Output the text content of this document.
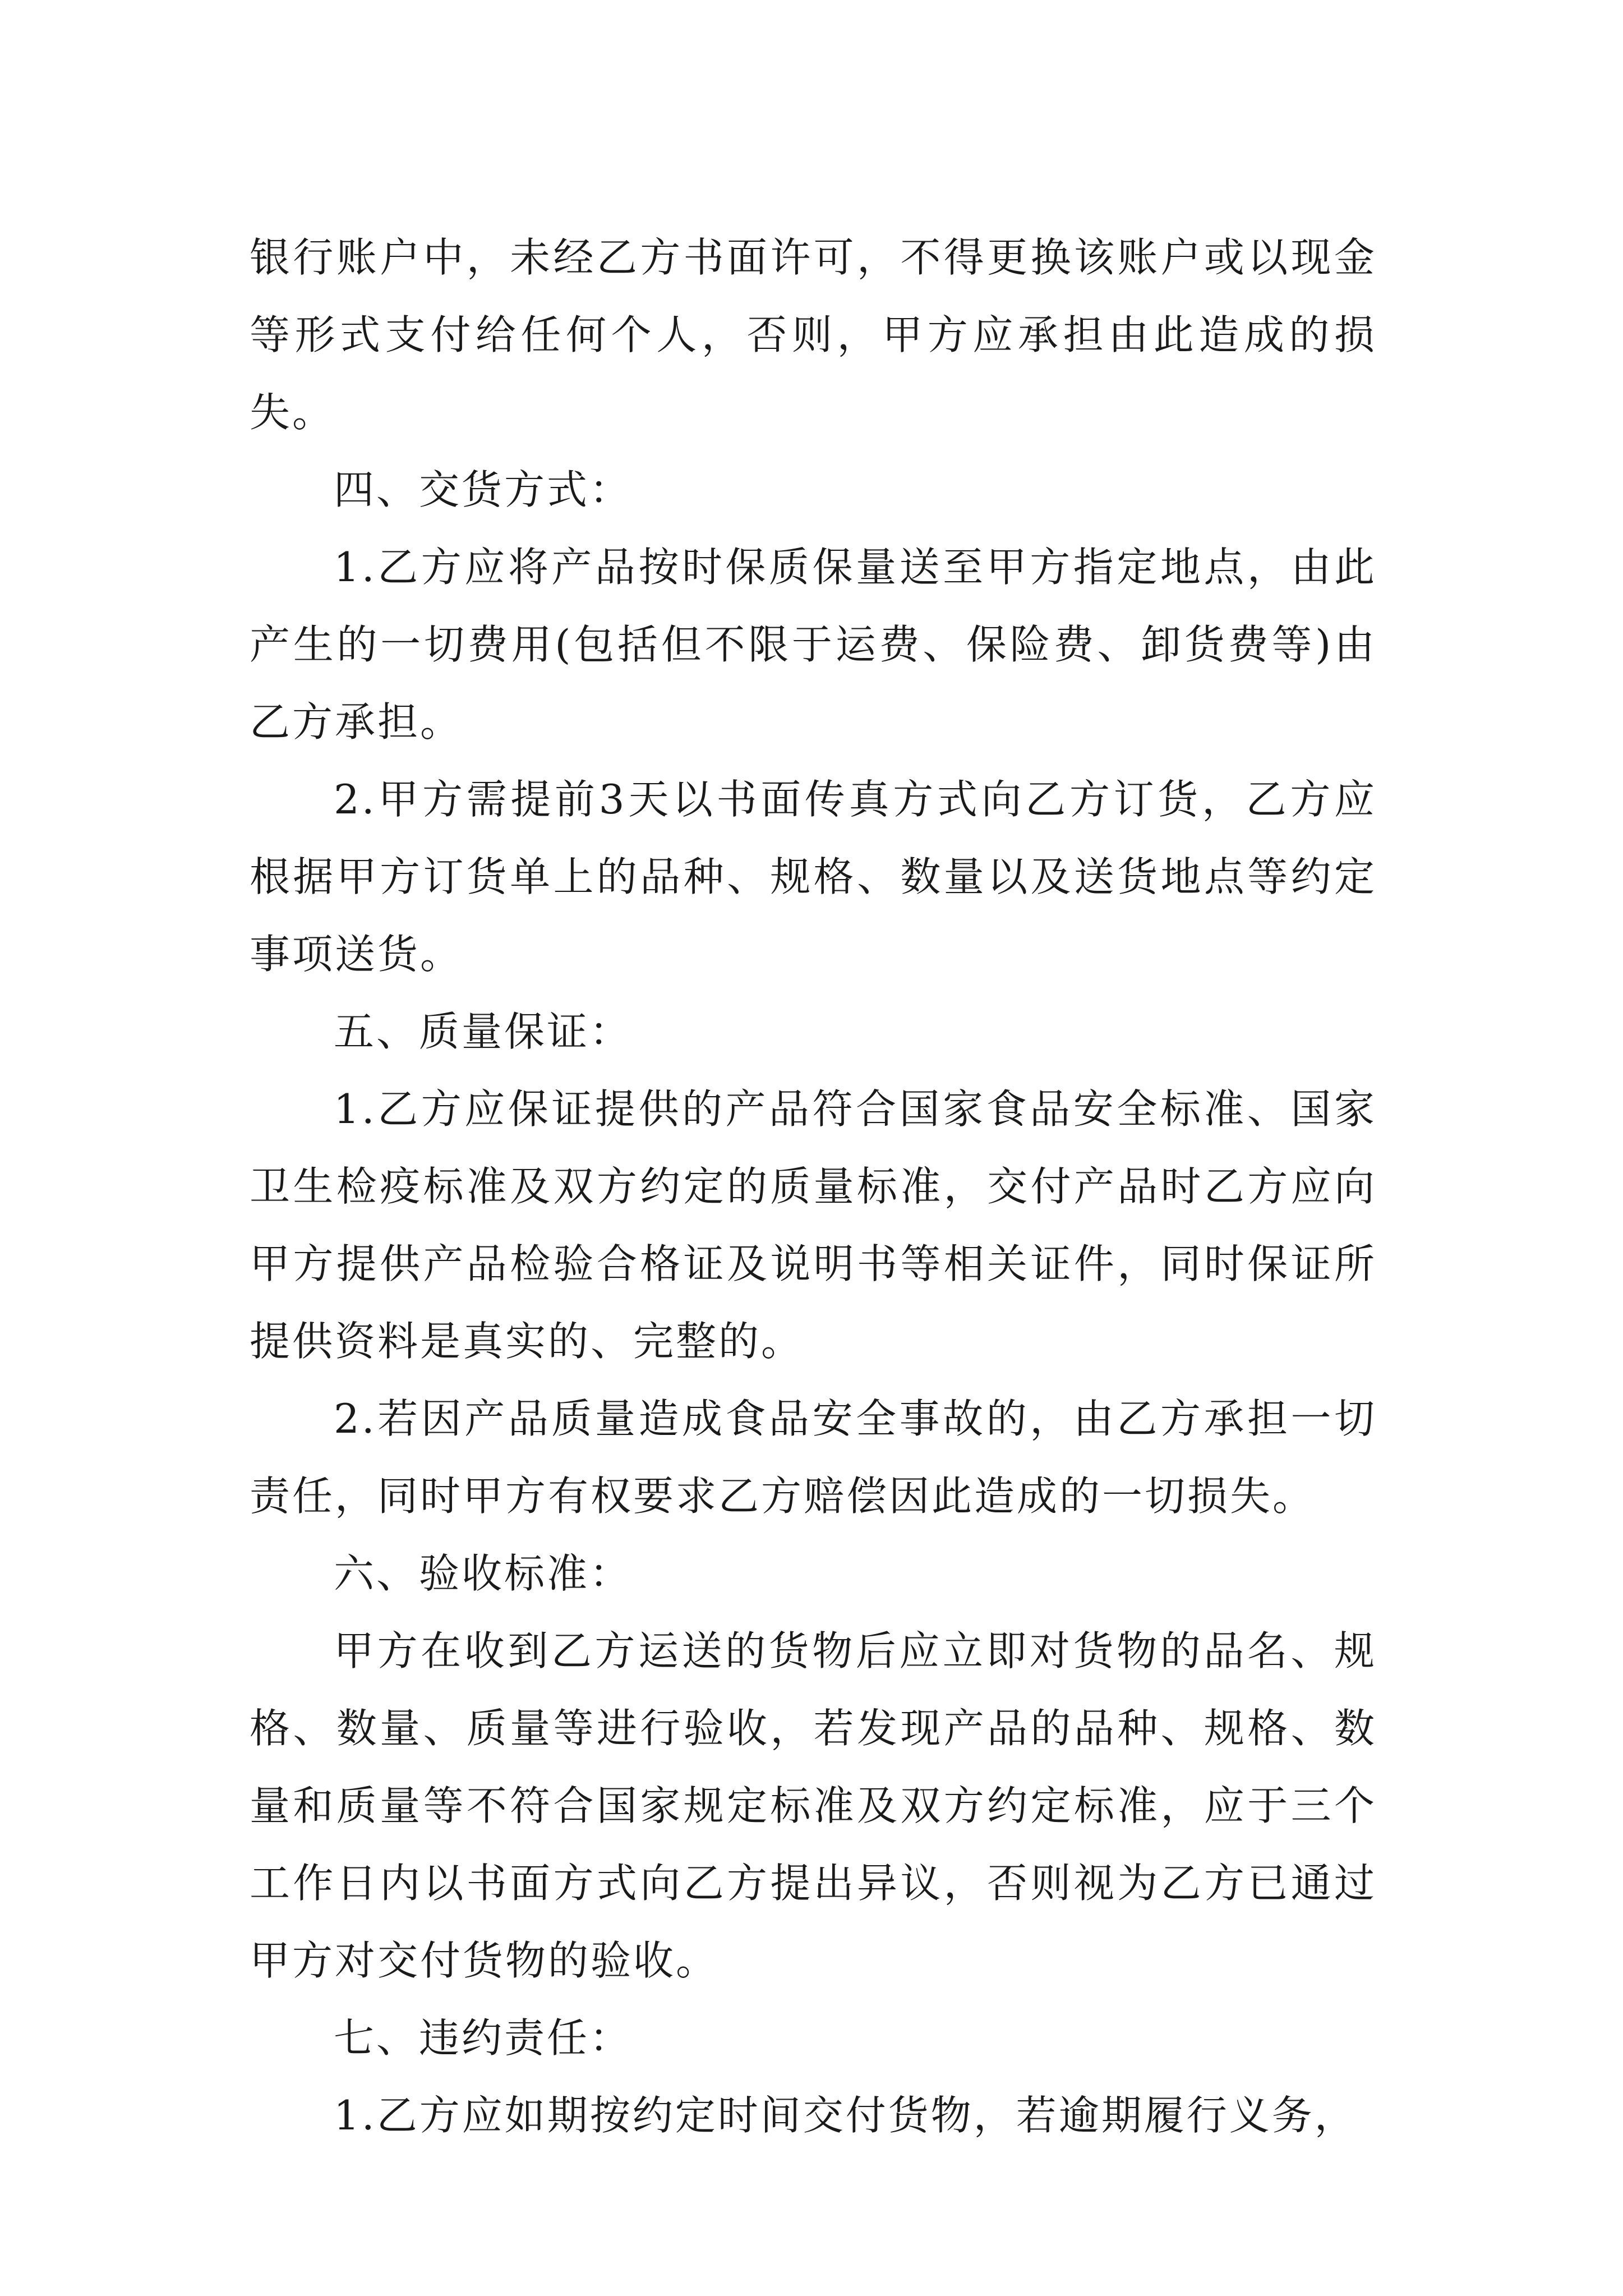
银行账户中，未经乙方书面许可，不得更换该账户或以现金等形式支付给任何个人，否则，甲方应承担由此造成的损失。

四、交货方式：

1.乙方应将产品按时保质保量送至甲方指定地点，由此产生的一切费用(包括但不限于运费、保险费、卸货费等)由乙方承担。

2.甲方需提前3天以书面传真方式向乙方订货，乙方应根据甲方订货单上的品种、规格、数量以及送货地点等约定事项送货。

五、质量保证：

1.乙方应保证提供的产品符合国家食品安全标准、国家卫生检疫标准及双方约定的质量标准，交付产品时乙方应向甲方提供产品检验合格证及说明书等相关证件，同时保证所提供资料是真实的、完整的。

2.若因产品质量造成食品安全事故的，由乙方承担一切责任，同时甲方有权要求乙方赔偿因此造成的一切损失。

六、验收标准：

甲方在收到乙方运送的货物后应立即对货物的品名、规格、数量、质量等进行验收，若发现产品的品种、规格、数量和质量等不符合国家规定标准及双方约定标准，应于三个工作日内以书面方式向乙方提出异议，否则视为乙方已通过甲方对交付货物的验收。

七、违约责任：

1.乙方应如期按约定时间交付货物，若逾期履行义务，
